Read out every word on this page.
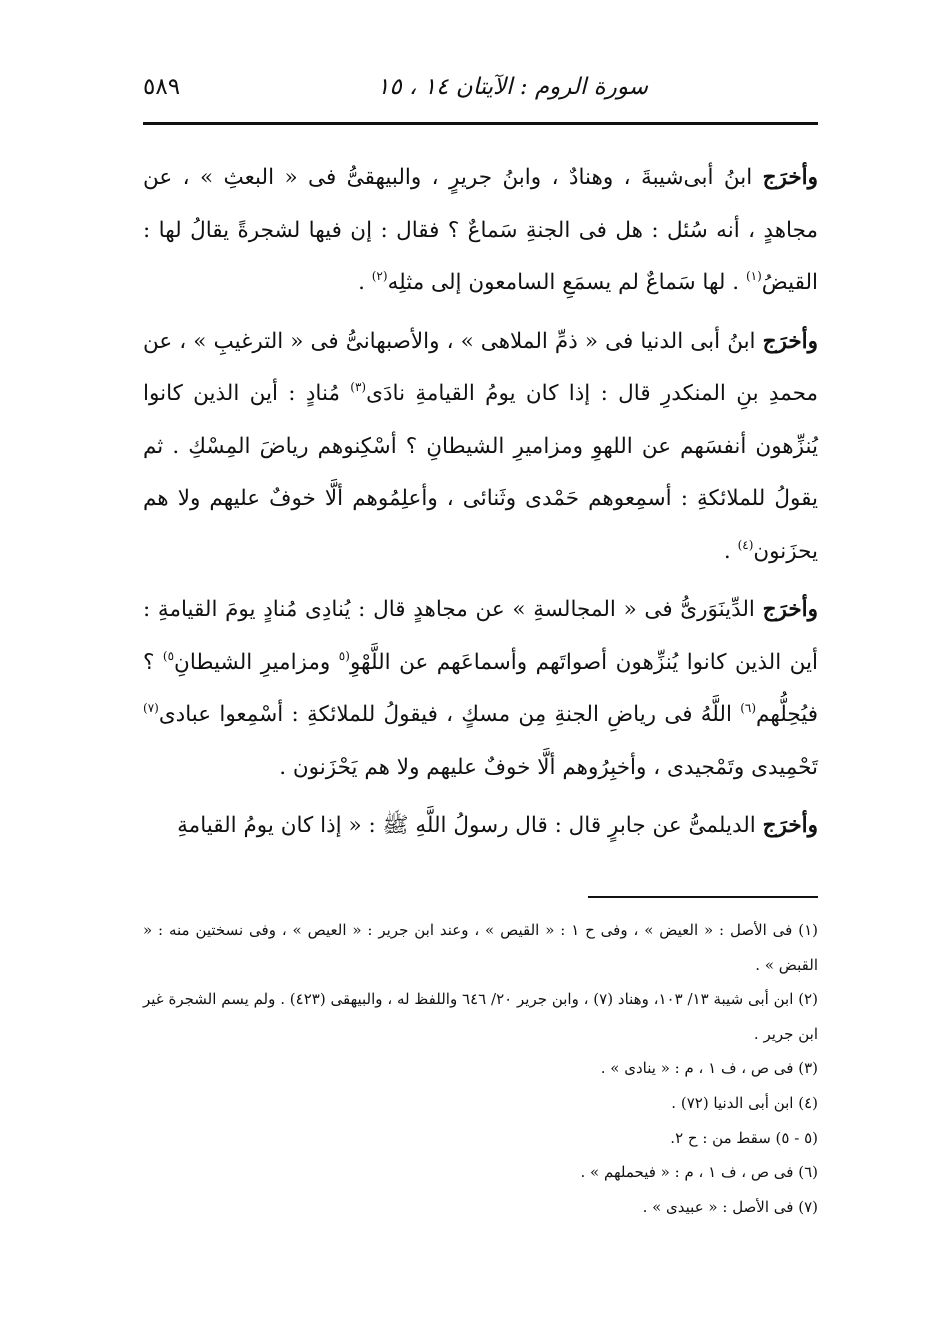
سورة الروم : الآيتان ١٤ ، ١٥
٥٨٩

وأخرَج ابنُ أبى‌شيبةَ ، وهنادٌ ، وابنُ جريرٍ ، والبيهقىُّ فى « البعثِ » ، عن مجاهدٍ ، أنه سُئل : هل فى الجنةِ سَماعٌ ؟ فقال : إن فيها لشجرةً يقالُ لها : القيضُ$^{(١)}$ . لها سَماعٌ لم يسمَعِ السامعون إلى مثلِه$^{(٢)}$ .

وأخرَج ابنُ أبى الدنيا فى « ذمِّ الملاهى » ، والأصبهانىُّ فى « الترغيبِ » ، عن محمدِ بنِ المنكدرِ قال : إذا كان يومُ القيامةِ نادَى$^{(٣)}$ مُنادٍ : أين الذين كانوا يُنزِّهون أنفسَهم عن اللهوِ ومزاميرِ الشيطانِ ؟ أسْكِنوهم رياضَ المِسْكِ . ثم يقولُ للملائكةِ : أسمِعوهم حَمْدى وثَنائى ، وأعلِمُوهم ألَّا خوفٌ عليهم ولا هم يحزَنون$^{(٤)}$ .

وأخرَج الدِّينَوَرىُّ فى « المجالسةِ » عن مجاهدٍ قال : يُنادِى مُنادٍ يومَ القيامةِ : أين الذين كانوا يُنزِّهون أصواتَهم وأسماعَهم عن اللَّهْوِ$^{(٥}$ ومزاميرِ الشيطانِ$^{٥)}$ ؟ فيُحِلُّهم$^{(٦)}$ اللَّهُ فى رياضِ الجنةِ مِن مسكٍ ، فيقولُ للملائكةِ : أسْمِعوا عبادى$^{(٧)}$ تَحْمِيدى وتَمْجيدى ، وأخبِرُوهم ألَّا خوفٌ عليهم ولا هم يَحْزَنون .

وأخرَج الديلمىُّ عن جابرٍ قال : قال رسولُ اللَّهِ ﷺ : « إذا كان يومُ القيامةِ

(١) فى الأصل : « العيض » ، وفى ح ١ : « القيص » ، وعند ابن جرير : « العيص » ، وفى نسختين منه : « القبض » .

(٢) ابن أبى شيبة ١٣/ ١٠٣، وهناد (٧) ، وابن جرير ٢٠/ ٦٤٦ واللفظ له ، والبيهقى (٤٢٣) . ولم يسم الشجرة غير ابن جرير .

(٣) فى ص ، ف ١ ، م : « ينادى » .

(٤) ابن أبى الدنيا (٧٢) .

(٥ - ٥) سقط من : ح ٢.

(٦) فى ص ، ف ١ ، م : « فيحملهم » .

(٧) فى الأصل : « عبيدى » .
